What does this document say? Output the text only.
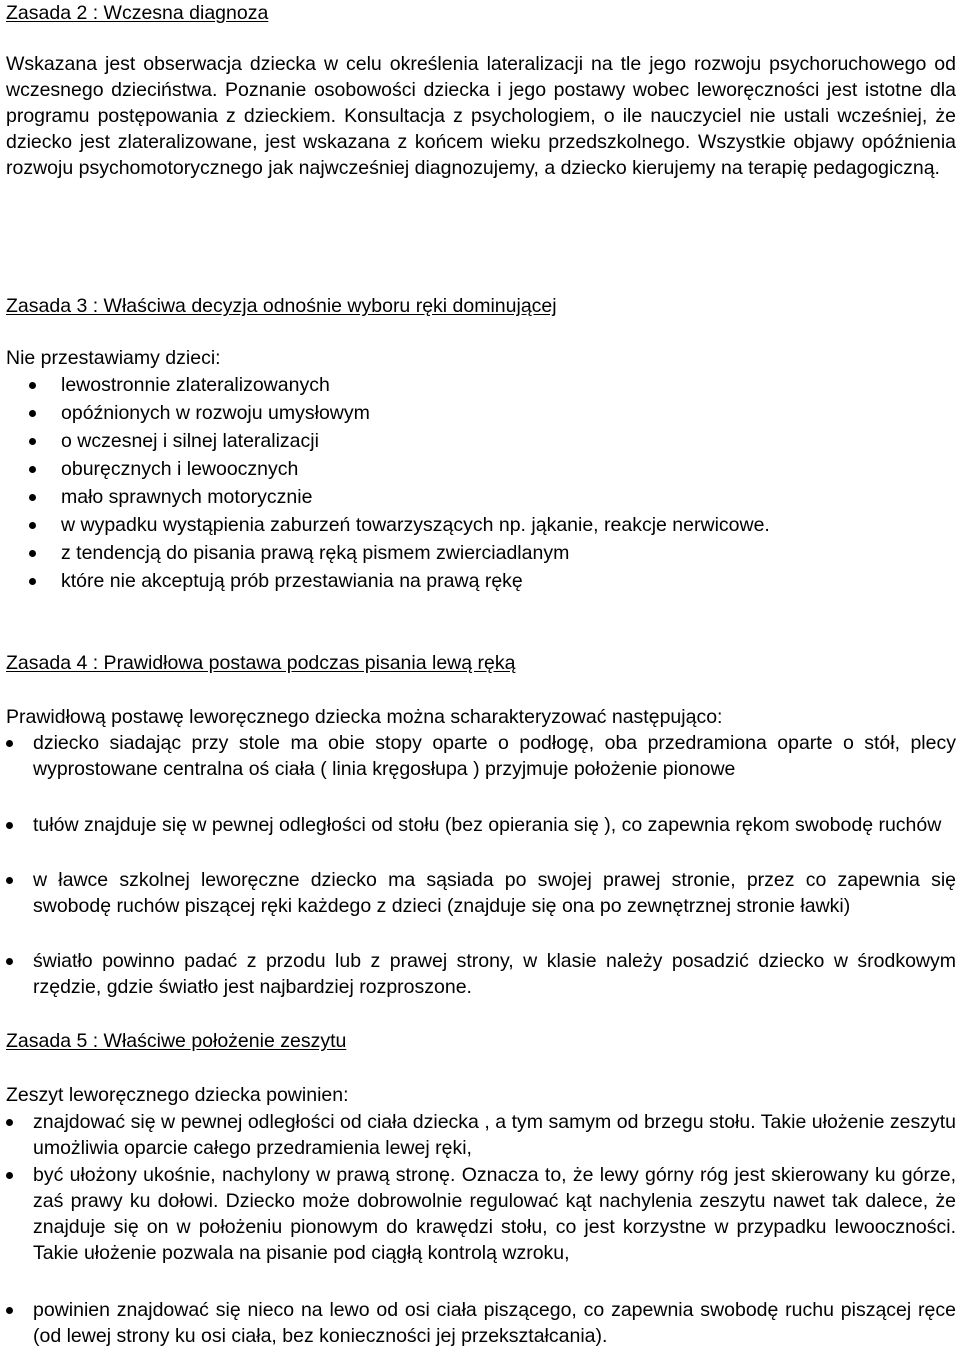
Zasada 2 : Wczesna diagnoza
Wskazana jest obserwacja dziecka w celu określenia lateralizacji na tle jego rozwoju psychoruchowego od wczesnego dzieciństwa. Poznanie osobowości dziecka i jego postawy wobec leworęczności jest istotne dla programu postępowania z dzieckiem. Konsultacja z psychologiem, o ile nauczyciel nie ustali wcześniej, że dziecko jest zlateralizowane, jest wskazana z końcem wieku przedszkolnego. Wszystkie objawy opóźnienia rozwoju psychomotorycznego jak najwcześniej diagnozujemy, a dziecko kierujemy na terapię pedagogiczną.
Zasada 3 : Właściwa decyzja odnośnie wyboru ręki dominującej
Nie przestawiamy dzieci:
lewostronnie zlateralizowanych
opóźnionych w rozwoju umysłowym
o wczesnej i silnej lateralizacji
oburęcznych i lewoocznych
mało sprawnych motorycznie
w wypadku wystąpienia zaburzeń towarzyszących np. jąkanie, reakcje nerwicowe.
z tendencją do pisania prawą ręką pismem zwierciadlanym
które nie akceptują prób przestawiania na prawą rękę
Zasada 4 : Prawidłowa postawa podczas pisania lewą ręką
Prawidłową postawę leworęcznego dziecka można scharakteryzować następująco:
dziecko siadając przy stole ma obie stopy oparte o podłogę, oba przedramiona oparte o stół, plecy wyprostowane centralna oś ciała ( linia kręgosłupa ) przyjmuje położenie pionowe
tułów znajduje się w pewnej odległości od stołu (bez opierania się ), co zapewnia rękom swobodę ruchów
w ławce szkolnej leworęczne dziecko ma sąsiada po swojej prawej stronie, przez co zapewnia się swobodę ruchów piszącej ręki każdego z dzieci (znajduje się ona po zewnętrznej stronie ławki)
światło powinno padać z przodu lub z prawej strony, w klasie należy posadzić dziecko w środkowym rzędzie, gdzie światło jest najbardziej rozproszone.
Zasada 5 : Właściwe położenie zeszytu
Zeszyt leworęcznego dziecka powinien:
znajdować się w pewnej odległości od ciała dziecka , a tym samym od brzegu stołu. Takie ułożenie zeszytu umożliwia oparcie całego przedramienia lewej ręki,
być ułożony ukośnie, nachylony w prawą stronę. Oznacza to, że lewy górny róg jest skierowany ku górze, zaś prawy ku dołowi. Dziecko może dobrowolnie regulować kąt nachylenia zeszytu nawet tak dalece, że znajduje się on w położeniu pionowym do krawędzi stołu, co jest korzystne w przypadku lewooczności. Takie ułożenie pozwala na pisanie pod ciągłą kontrolą wzroku,
powinien znajdować się nieco na lewo od osi ciała piszącego, co zapewnia swobodę ruchu piszącej ręce (od lewej strony ku osi ciała, bez konieczności jej przekształcania).
